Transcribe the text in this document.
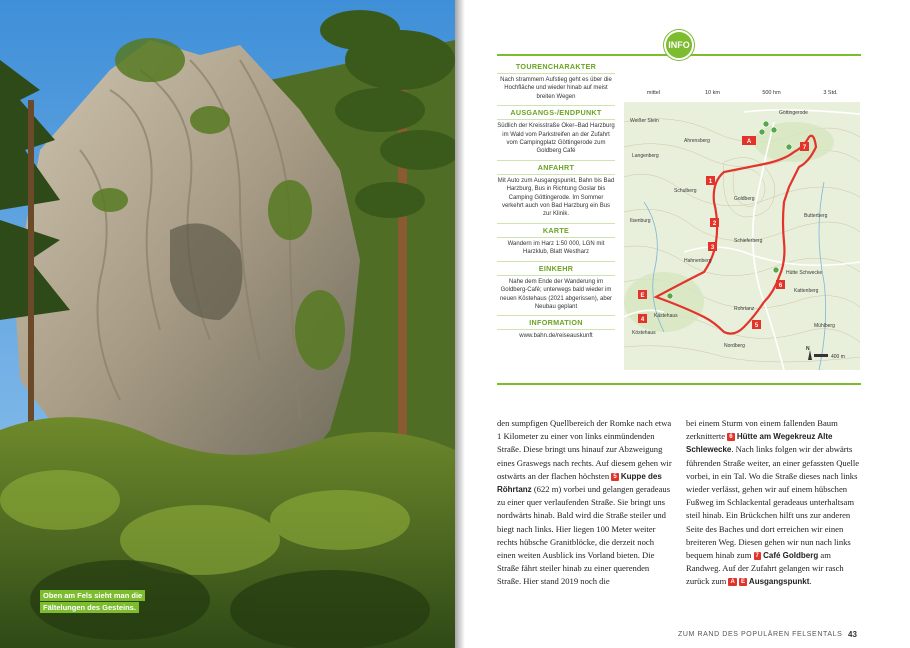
Oben am Fels sieht man die Fältelungen des Gesteins.
INFO
TOURENCHARAKTER
Nach strammem Aufstieg geht es über die Hochfläche und wieder hinab auf meist breiten Wegen
AUSGANGS-/ENDPUNKT
Südlich der Kreisstraße Oker–Bad Harzburg im Wald vom Parkstreifen an der Zufahrt vom Campingplatz Göttingerode zum Goldberg Café
ANFAHRT
Mit Auto zum Ausgangspunkt, Bahn bis Bad Harzburg, Bus in Richtung Goslar bis Camping Göttingerode. Im Sommer verkehrt auch von Bad Harzburg ein Bus zur Klinik.
KARTE
Wandern im Harz 1:50 000, LGN mit Harzklub, Blatt Westharz
EINKEHR
Nahe dem Ende der Wanderung im Goldberg-Café; unterwegs bald wieder im neuen Köstehaus (2021 abgerissen), aber Neubau geplant
INFORMATION
www.bahn.de/reiseauskunft
mittel	10 km	500 hm	3 Std.
Göttingerode
Weißer Stein
Ahrensberg
Langenberg
Schulberg
Goldberg
Ilsenburg
Butterberg
Hahnenberg
Kattenberg
Mühlberg
Schieferberg
Rohrtanz
Hütte Schwecke
Kästehaus
Nordberg
Köstehaus
A
E
1
2
3
4
5
6
7
400 m
N
den sumpfigen Quellbereich der Romke nach etwa 1 Kilometer zu einer von links einmündenden Straße. Diese bringt uns hinauf zur Abzweigung eines Graswegs nach rechts. Auf diesem gehen wir ostwärts an der flachen höchsten 5 Kuppe des Röhrtanz (622 m) vorbei und gelangen geradeaus zu einer quer verlaufenden Straße. Sie bringt uns nordwärts hinab. Bald wird die Straße steiler und biegt nach links. Hier liegen 100 Meter weiter rechts hübsche Granitblöcke, die derzeit noch einen weiten Ausblick ins Vorland bieten. Die Straße fährt steiler hinab zu einer querenden Straße. Hier stand 2019 noch die
bei einem Sturm von einem fallenden Baum zerknitterte 6 Hütte am Wegekreuz Alte Schlewecke. Nach links folgen wir der abwärts führenden Straße weiter, an einer gefassten Quelle vorbei, in ein Tal. Wo die Straße dieses nach links wieder verlässt, gehen wir auf einem hübschen Fußweg im Schlackental geradeaus unterhaltsam steil hinab. Ein Brückchen hilft uns zur anderen Seite des Baches und dort erreichen wir einen breiteren Weg. Diesen gehen wir nun nach links bequem hinab zum 7 Café Goldberg am Randweg. Auf der Zufahrt gelangen wir rasch zurück zum A E Ausgangspunkt.
ZUM RAND DES POPULÄREN FELSENTALS 43
